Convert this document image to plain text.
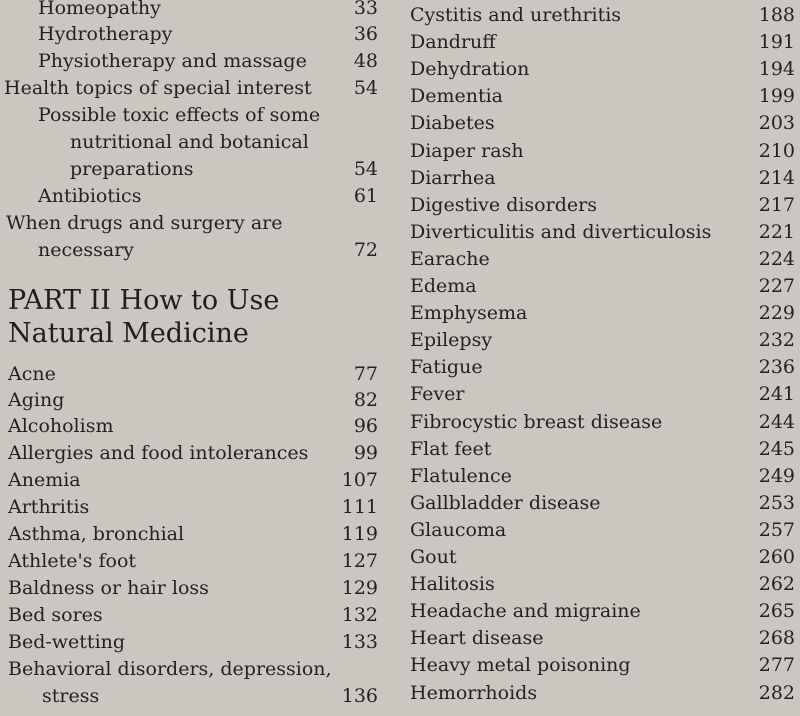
Homeopathy	33
Hydrotherapy	36
Physiotherapy and massage 48
Health topics of special interest 54
Possible toxic effects of some
nutritional and botanical
preparations	54
Antibiotics	61
When drugs and surgery are
necessary	72
PART II How to Use
Natural Medicine
Acne	77
Aging	82
Alcoholism	96
Allergies and food intolerances 99
Anemia	107
Arthritis	111
Asthma, bronchial	119
Athlete's foot	127
Baldness or hair loss	129
Bed sores	132
Bed-wetting	133
Behavioral disorders, depression,
stress	136
Cystitis and urethritis	188
Dandruff	191
Dehydration	194
Dementia	199
Diabetes	203
Diaper rash	210
Diarrhea	214
Digestive disorders	217
Diverticulitis and diverticulosis 221
Earache	224
Edema	227
Emphysema	229
Epilepsy	232
Fatigue	236
Fever	241
Fibrocystic breast disease	244
Flat feet	245
Flatulence	249
Gallbladder disease	253
Glaucoma	257
Gout	260
Halitosis	262
Headache and migraine	265
Heart disease	268
Heavy metal poisoning	277
Hemorrhoids	282
